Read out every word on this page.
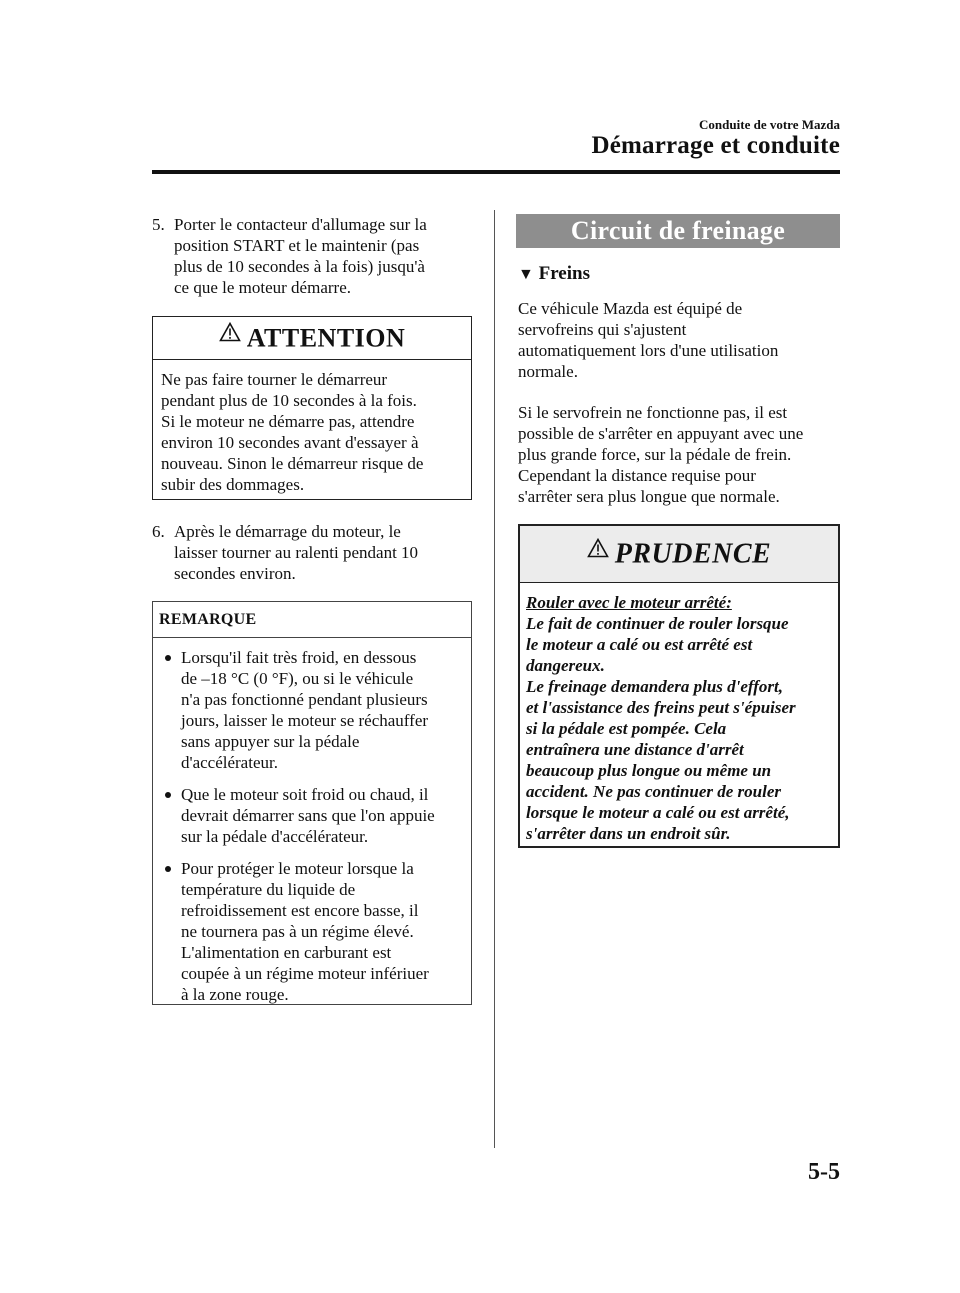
Conduite de votre Mazda
Démarrage et conduite
5. Porter le contacteur d'allumage sur la
position START et le maintenir (pas
plus de 10 secondes à la fois) jusqu'à
ce que le moteur démarre.
ATTENTION
Ne pas faire tourner le démarreur
pendant plus de 10 secondes à la fois.
Si le moteur ne démarre pas, attendre
environ 10 secondes avant d'essayer à
nouveau. Sinon le démarreur risque de
subir des dommages.
6. Après le démarrage du moteur, le
laisser tourner au ralenti pendant 10
secondes environ.
REMARQUE
Lorsqu'il fait très froid, en dessous
de –18 °C (0 °F), ou si le véhicule
n'a pas fonctionné pendant plusieurs
jours, laisser le moteur se réchauffer
sans appuyer sur la pédale
d'accélérateur.
Que le moteur soit froid ou chaud, il
devrait démarrer sans que l'on appuie
sur la pédale d'accélérateur.
Pour protéger le moteur lorsque la
température du liquide de
refroidissement est encore basse, il
ne tournera pas à un régime élevé.
L'alimentation en carburant est
coupée à un régime moteur infériuer
à la zone rouge.
Circuit de freinage
▼ Freins
Ce véhicule Mazda est équipé de
servofreins qui s'ajustent
automatiquement lors d'une utilisation
normale.
Si le servofrein ne fonctionne pas, il est
possible de s'arrêter en appuyant avec une
plus grande force, sur la pédale de frein.
Cependant la distance requise pour
s'arrêter sera plus longue que normale.
PRUDENCE
Rouler avec le moteur arrêté:
Le fait de continuer de rouler lorsque
le moteur a calé ou est arrêté est
dangereux.
Le freinage demandera plus d'effort,
et l'assistance des freins peut s'épuiser
si la pédale est pompée. Cela
entraînera une distance d'arrêt
beaucoup plus longue ou même un
accident. Ne pas continuer de rouler
lorsque le moteur a calé ou est arrêté,
s'arrêter dans un endroit sûr.
5-5
